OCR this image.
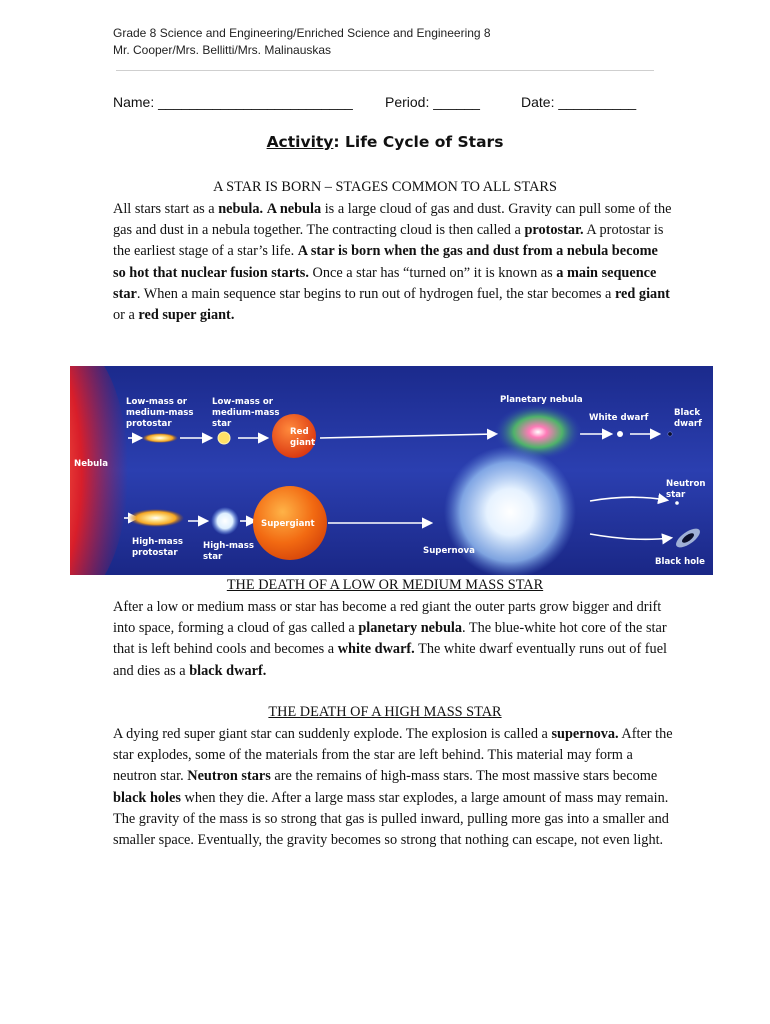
Grade 8 Science and Engineering/Enriched Science and Engineering 8
Mr. Cooper/Mrs. Bellitti/Mrs. Malinauskas
Name: _________________________ Period: ______	Date: __________
Activity: Life Cycle of Stars
A STAR IS BORN – STAGES COMMON TO ALL STARS
All stars start as a nebula. A nebula is a large cloud of gas and dust. Gravity can pull some of the gas and dust in a nebula together. The contracting cloud is then called a protostar. A protostar is the earliest stage of a star’s life. A star is born when the gas and dust from a nebula become so hot that nuclear fusion starts. Once a star has “turned on” it is known as a main sequence star. When a main sequence star begins to run out of hydrogen fuel, the star becomes a red giant or a red super giant.
Nebula
Low-mass or
medium-mass
protostar
Low-mass or
medium-mass
star
Red
giant
Planetary nebula
White dwarf	Black
dwarf
Neutron
star
High-mass
protostar
High-mass
star
Supergiant
Supernova
Black hole
THE DEATH OF A LOW OR MEDIUM MASS STAR
After a low or medium mass or star has become a red giant the outer parts grow bigger and drift into space, forming a cloud of gas called a planetary nebula. The blue-white hot core of the star that is left behind cools and becomes a white dwarf. The white dwarf eventually runs out of fuel and dies as a black dwarf.
THE DEATH OF A HIGH MASS STAR
A dying red super giant star can suddenly explode. The explosion is called a supernova. After the star explodes, some of the materials from the star are left behind. This material may form a neutron star. Neutron stars are the remains of high-mass stars. The most massive stars become black holes when they die. After a large mass star explodes, a large amount of mass may remain. The gravity of the mass is so strong that gas is pulled inward, pulling more gas into a smaller and smaller space. Eventually, the gravity becomes so strong that nothing can escape, not even light.
